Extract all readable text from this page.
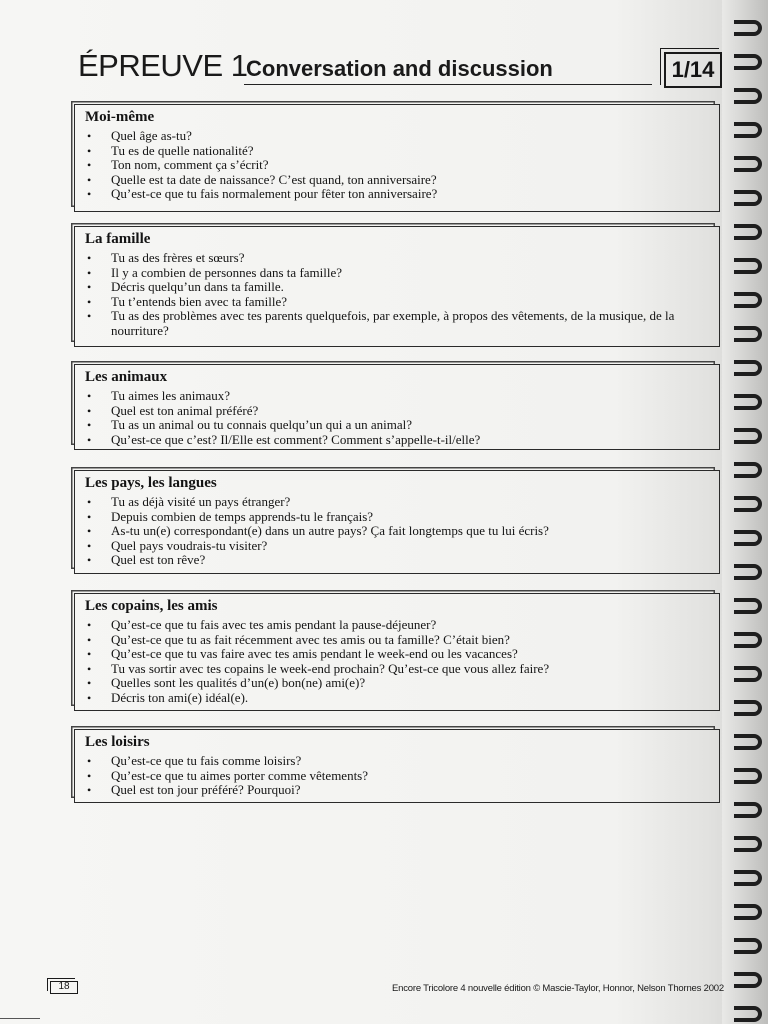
ÉPREUVE 1
Conversation and discussion	1/14
Moi-même
• Quel âge as-tu?
• Tu es de quelle nationalité?
• Ton nom, comment ça s’écrit?
• Quelle est ta date de naissance? C’est quand, ton anniversaire?
• Qu’est-ce que tu fais normalement pour fêter ton anniversaire?
La famille
• Tu as des frères et sœurs?
• Il y a combien de personnes dans ta famille?
• Décris quelqu’un dans ta famille.
• Tu t’entends bien avec ta famille?
• Tu as des problèmes avec tes parents quelquefois, par exemple, à propos des vêtements, de la musique, de la nourriture?
Les animaux
• Tu aimes les animaux?
• Quel est ton animal préféré?
• Tu as un animal ou tu connais quelqu’un qui a un animal?
• Qu’est-ce que c’est? Il/Elle est comment? Comment s’appelle-t-il/elle?
Les pays, les langues
• Tu as déjà visité un pays étranger?
• Depuis combien de temps apprends-tu le français?
• As-tu un(e) correspondant(e) dans un autre pays? Ça fait longtemps que tu lui écris?
• Quel pays voudrais-tu visiter?
• Quel est ton rêve?
Les copains, les amis
• Qu’est-ce que tu fais avec tes amis pendant la pause-déjeuner?
• Qu’est-ce que tu as fait récemment avec tes amis ou ta famille? C’était bien?
• Qu’est-ce que tu vas faire avec tes amis pendant le week-end ou les vacances?
• Tu vas sortir avec tes copains le week-end prochain? Qu’est-ce que vous allez faire?
• Quelles sont les qualités d’un(e) bon(ne) ami(e)?
• Décris ton ami(e) idéal(e).
Les loisirs
• Qu’est-ce que tu fais comme loisirs?
• Qu’est-ce que tu aimes porter comme vêtements?
• Quel est ton jour préféré? Pourquoi?
18	Encore Tricolore 4 nouvelle édition © Mascie-Taylor, Honnor, Nelson Thornes 2002
